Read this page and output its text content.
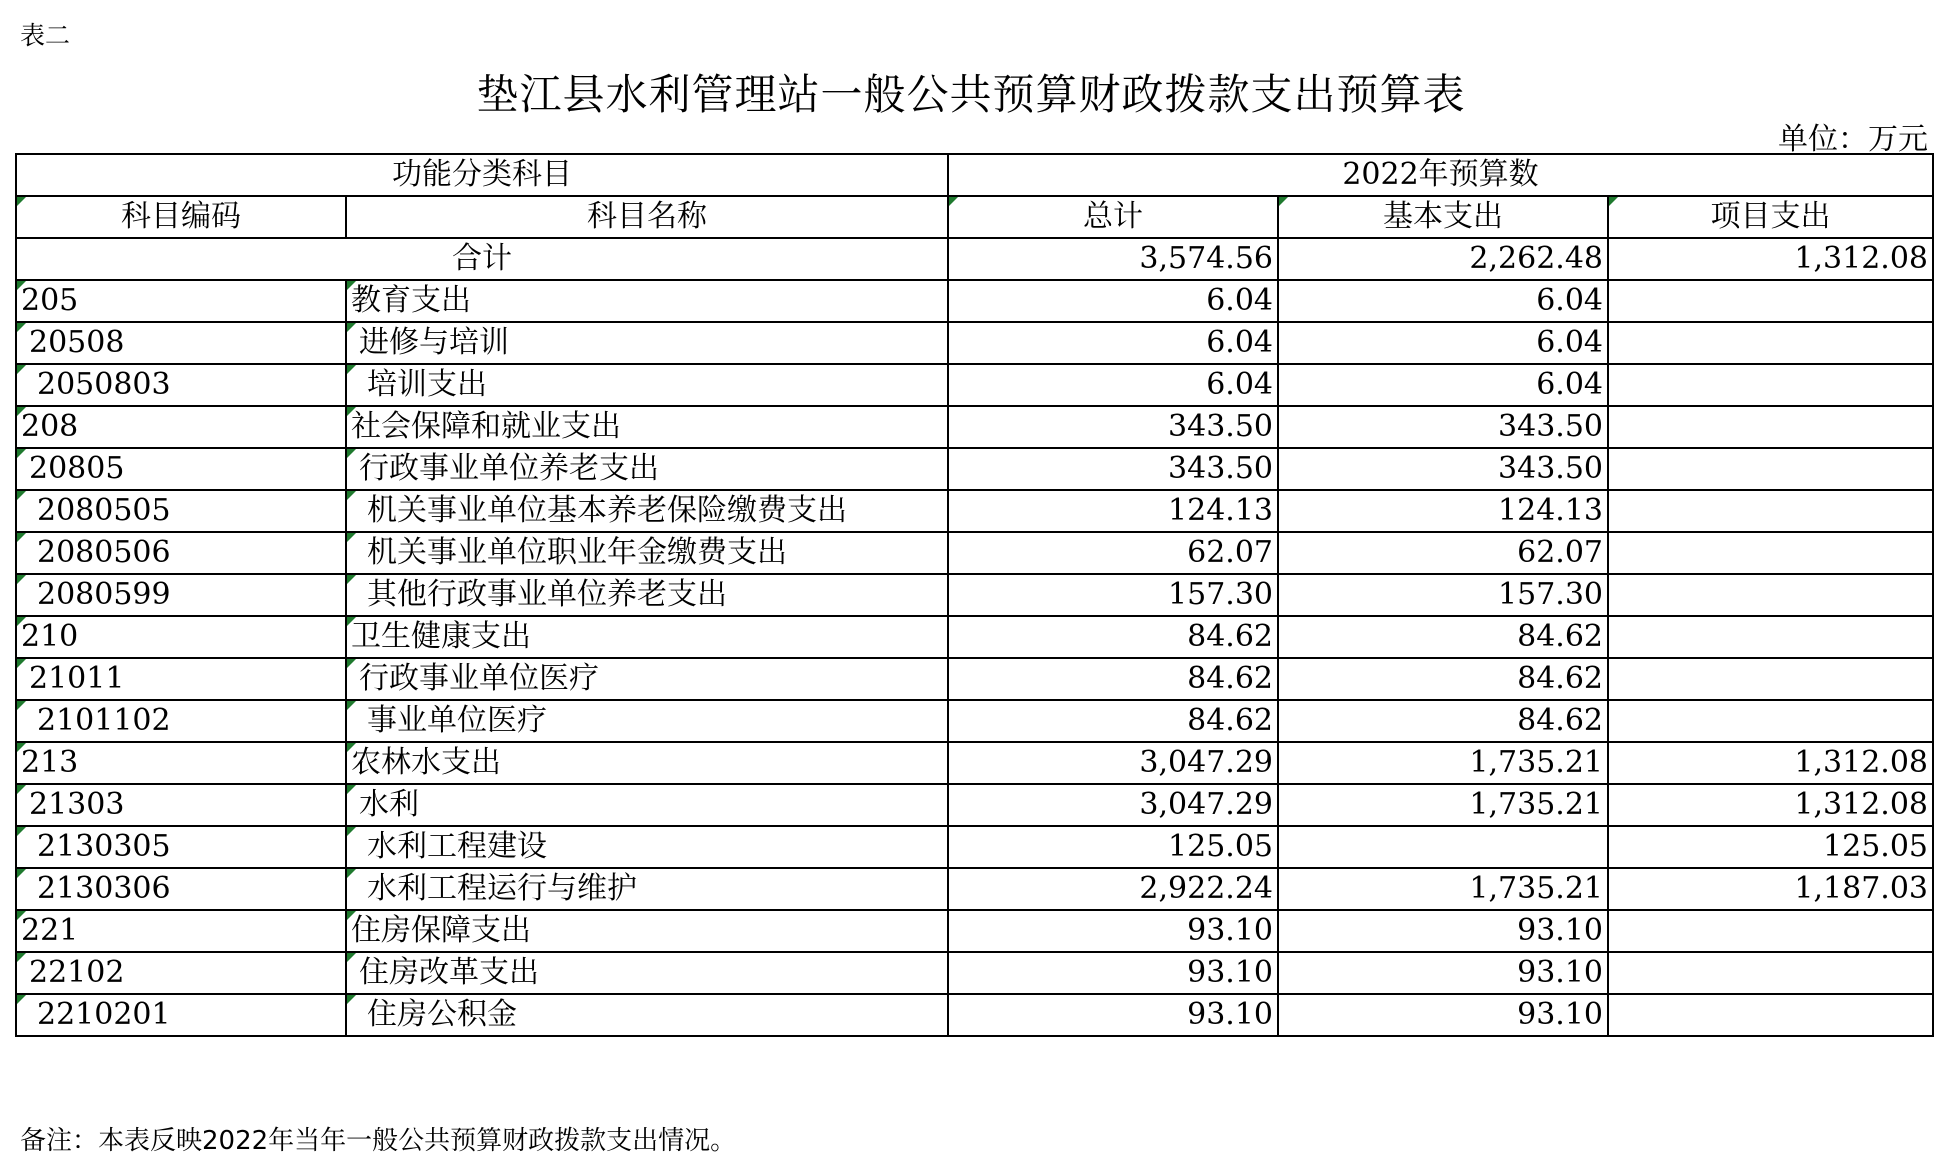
表二
垫江县水利管理站一般公共预算财政拨款支出预算表
单位：万元
功能分类科目		2022年预算数		
科目编码	科目名称	总计	基本支出	项目支出
合计		3,574.56	2,262.48	1,312.08
205	教育支出	6.04	6.04	
20508	进修与培训	6.04	6.04	
2050803	培训支出	6.04	6.04	
208	社会保障和就业支出	343.50	343.50	
20805	行政事业单位养老支出	343.50	343.50	
2080505	机关事业单位基本养老保险缴费支出	124.13	124.13	
2080506	机关事业单位职业年金缴费支出	62.07	62.07	
2080599	其他行政事业单位养老支出	157.30	157.30	
210	卫生健康支出	84.62	84.62	
21011	行政事业单位医疗	84.62	84.62	
2101102	事业单位医疗	84.62	84.62	
213	农林水支出	3,047.29	1,735.21	1,312.08
21303	水利	3,047.29	1,735.21	1,312.08
2130305	水利工程建设	125.05		125.05
2130306	水利工程运行与维护	2,922.24	1,735.21	1,187.03
221	住房保障支出	93.10	93.10	
22102	住房改革支出	93.10	93.10	
2210201	住房公积金	93.10	93.10	
备注：本表反映2022年当年一般公共预算财政拨款支出情况。
